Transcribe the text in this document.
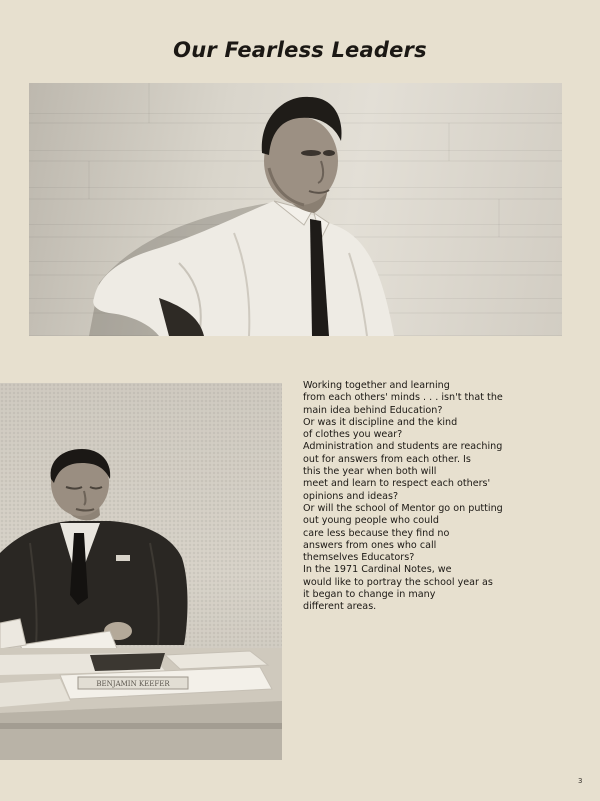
Our Fearless Leaders
BENJAMIN KEEFER
Working together and learning
from each others' minds . . . isn't that the
main idea behind Education?
Or was it discipline and the kind
of clothes you wear?
Administration and students are reaching
out for answers from each other. Is
this the year when both will
meet and learn to respect each others'
opinions and ideas?
Or will the school of Mentor go on putting
out young people who could
care less because they find no
answers from ones who call
themselves Educators?
In the 1971 Cardinal Notes, we
would like to portray the school year as
it began to change in many
different areas.
3
